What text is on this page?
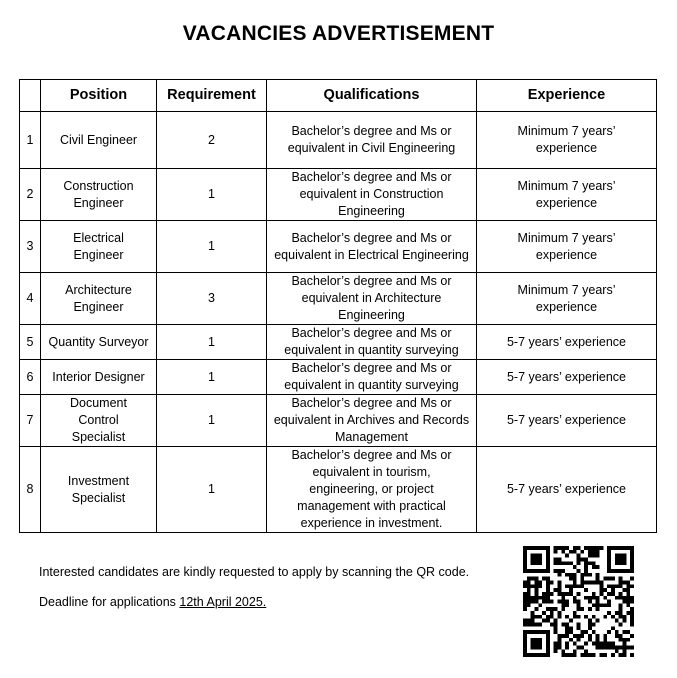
VACANCIES ADVERTISEMENT
	Position	Requirement	Qualifications	Experience
1	Civil Engineer	2	Bachelor’s degree and Ms or equivalent in Civil Engineering	Minimum 7 years’ experience
2	Construction Engineer	1	Bachelor’s degree and Ms or equivalent in Construction Engineering	Minimum 7 years’ experience
3	Electrical Engineer	1	Bachelor’s degree and Ms or equivalent in Electrical Engineering	Minimum 7 years’ experience
4	Architecture Engineer	3	Bachelor’s degree and Ms or equivalent in Architecture Engineering	Minimum 7 years’ experience
5	Quantity Surveyor	1	Bachelor’s degree and Ms or equivalent in quantity surveying	5-7 years’ experience
6	Interior Designer	1	Bachelor’s degree and Ms or equivalent in quantity surveying	5-7 years’ experience
7	Document Control Specialist	1	Bachelor’s degree and Ms or equivalent in Archives and Records Management	5-7 years’ experience
8	Investment Specialist	1	Bachelor’s degree and Ms or equivalent in tourism, engineering, or project management with practical experience in investment.	5-7 years’ experience
Interested candidates are kindly requested to apply by scanning the QR code.
Deadline for applications 12th April 2025.
